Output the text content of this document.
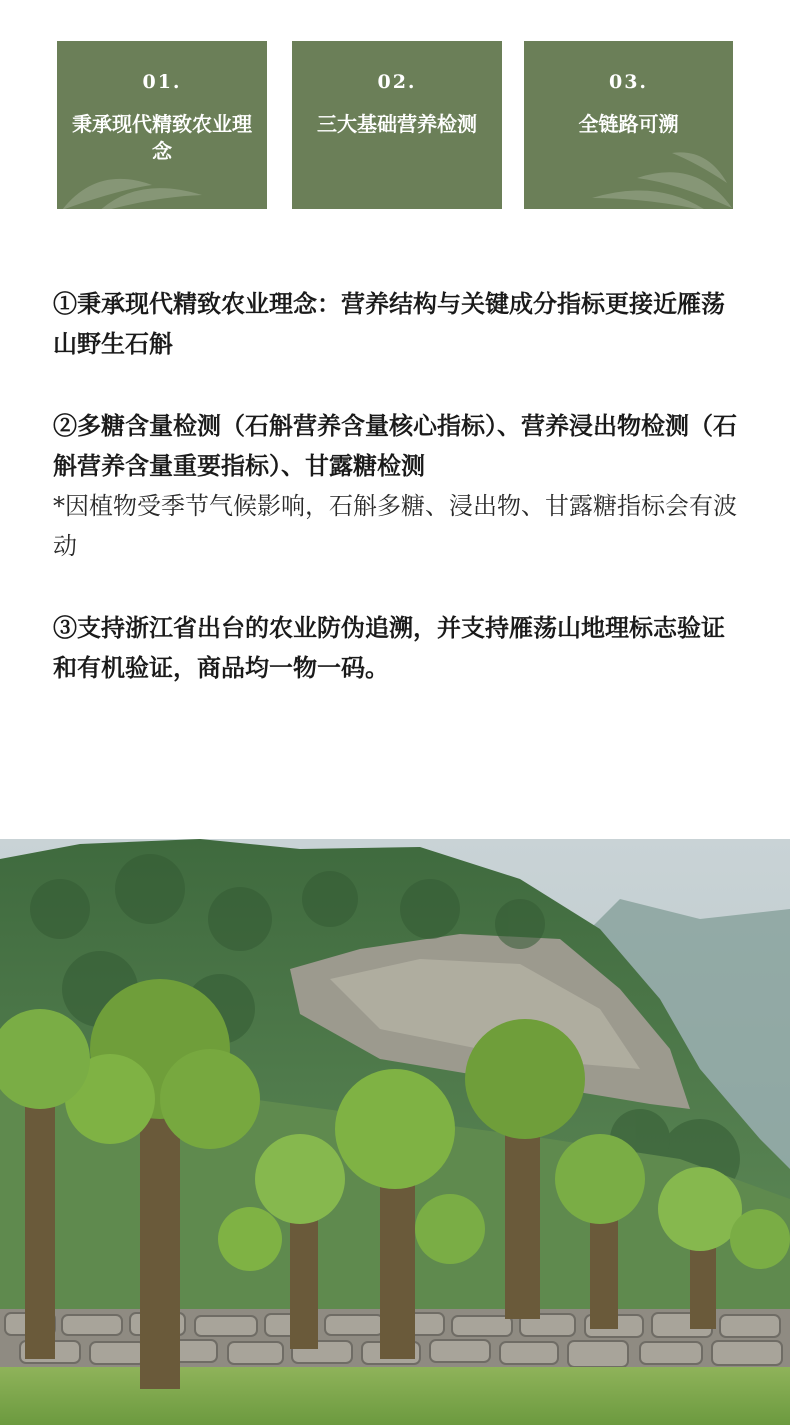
01.
秉承现代精致农业理念
02.
三大基础营养检测
03.
全链路可溯

①秉承现代精致农业理念：营养结构与关键成分指标更接近雁荡山野生石斛

②多糖含量检测（石斛营养含量核心指标）、营养浸出物检测（石斛营养含量重要指标）、甘露糖检测

*因植物受季节气候影响，石斛多糖、浸出物、甘露糖指标会有波动

③支持浙江省出台的农业防伪追溯，并支持雁荡山地理标志验证和有机验证，商品均一物一码。
